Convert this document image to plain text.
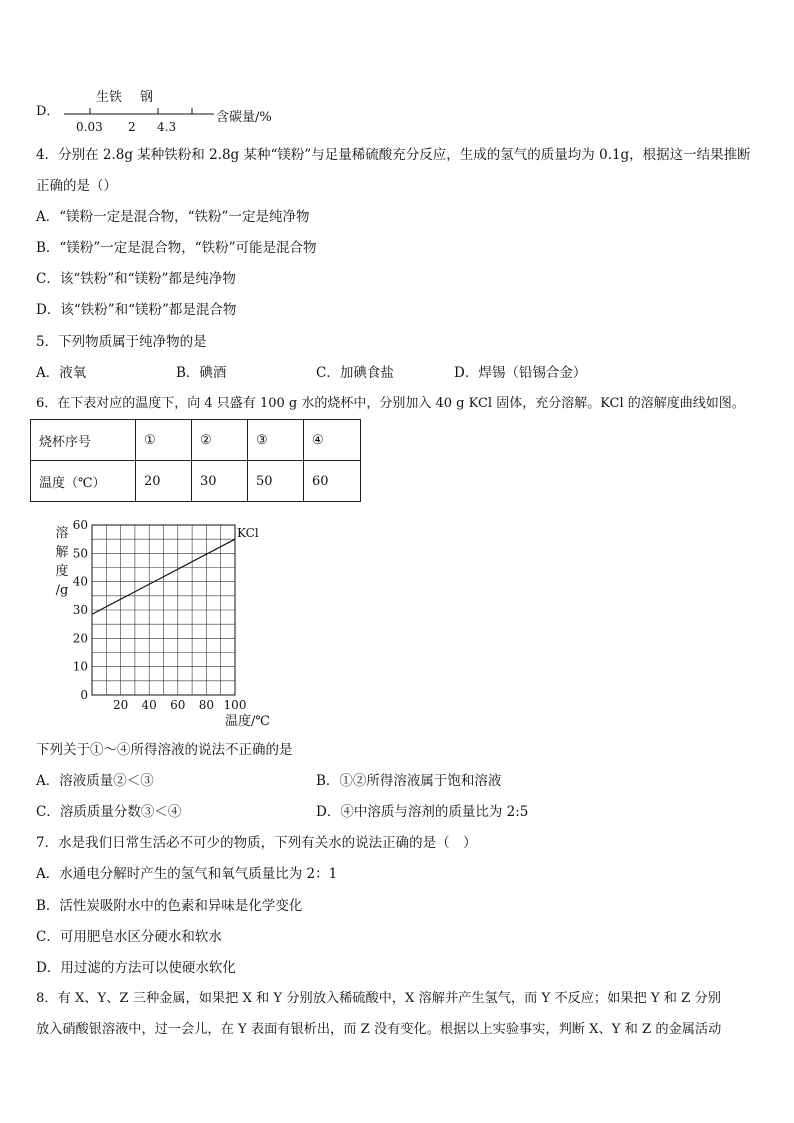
D．
生铁 钢
含碳量/%
0.03 2 4.3
4．分别在 2.8g 某种铁粉和 2.8g 某种“镁粉”与足量稀硫酸充分反应，生成的氢气的质量均为 0.1g，根据这一结果推断
正确的是（）
A．“镁粉一定是混合物，“铁粉”一定是纯净物
B．“镁粉”一定是混合物，“铁粉”可能是混合物
C．该“铁粉”和“镁粉”都是纯净物
D．该“铁粉”和“镁粉”都是混合物
5．下列物质属于纯净物的是
A．液氧	B．碘酒	C．加碘食盐	D．焊锡（铅锡合金）
6．在下表对应的温度下，向 4 只盛有 100 g 水的烧杯中，分别加入 40 g KCl 固体，充分溶解。KCl 的溶解度曲线如图。
烧杯序号	①	②	③	④
温度（℃）	20	30	50	60
0
10
20
30
40
50
60
20 40 60 80 100
溶
解
度
/g
温度/℃
KCl
下列关于①～④所得溶液的说法不正确的是
A．溶液质量②＜③	B．①②所得溶液属于饱和溶液
C．溶质质量分数③＜④	D．④中溶质与溶剂的质量比为 2:5
7．水是我们日常生活必不可少的物质，下列有关水的说法正确的是（　）
A．水通电分解时产生的氢气和氧气质量比为 2：1
B．活性炭吸附水中的色素和异味是化学变化
C．可用肥皂水区分硬水和软水
D．用过滤的方法可以使硬水软化
8．有 X、Y、Z 三种金属，如果把 X 和 Y 分别放入稀硫酸中，X 溶解并产生氢气，而 Y 不反应；如果把 Y 和 Z 分别
放入硝酸银溶液中，过一会儿，在 Y 表面有银析出，而 Z 没有变化。根据以上实验事实，判断 X、Y 和 Z 的金属活动
